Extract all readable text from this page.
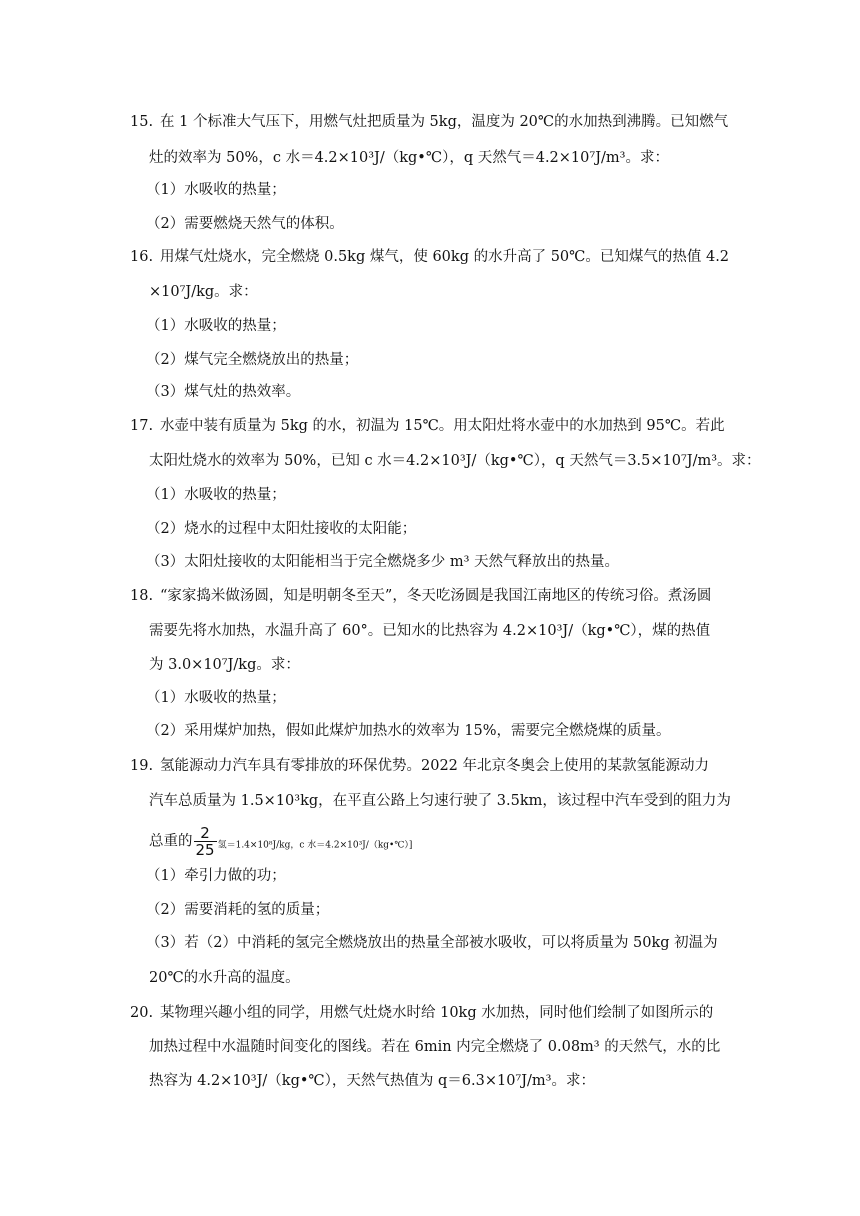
15. 在 1 个标准大气压下，用燃气灶把质量为 5kg，温度为 20℃的水加热到沸腾。已知燃气
灶的效率为 50%，c 水＝4.2×10³J/（kg•℃），q 天然气＝4.2×10⁷J/m³。求：
（1）水吸收的热量；
（2）需要燃烧天然气的体积。
16. 用煤气灶烧水，完全燃烧 0.5kg 煤气，使 60kg 的水升高了 50℃。已知煤气的热值 4.2
×10⁷J/kg。求：
（1）水吸收的热量；
（2）煤气完全燃烧放出的热量；
（3）煤气灶的热效率。
17. 水壶中装有质量为 5kg 的水，初温为 15℃。用太阳灶将水壶中的水加热到 95℃。若此
太阳灶烧水的效率为 50%，已知 c 水＝4.2×10³J/（kg•℃），q 天然气＝3.5×10⁷J/m³。求：
（1）水吸收的热量；
（2）烧水的过程中太阳灶接收的太阳能；
（3）太阳灶接收的太阳能相当于完全燃烧多少 m³ 天然气释放出的热量。
18. “家家捣米做汤圆，知是明朝冬至天”，冬天吃汤圆是我国江南地区的传统习俗。煮汤圆
需要先将水加热，水温升高了 60°。已知水的比热容为 4.2×10³J/（kg•℃），煤的热值
为 3.0×10⁷J/kg。求：
（1）水吸收的热量；
（2）采用煤炉加热，假如此煤炉加热水的效率为 15%，需要完全燃烧煤的质量。
19. 氢能源动力汽车具有零排放的环保优势。2022 年北京冬奥会上使用的某款氢能源动力
汽车总质量为 1.5×10³kg，在平直公路上匀速行驶了 3.5km，该过程中汽车受到的阻力为
总重的 $\frac{2}{25}$ 氢＝1.4×10⁸J/kg，c 水＝4.2×10³J/（kg•℃）]
（1）牵引力做的功；
（2）需要消耗的氢的质量；
（3）若（2）中消耗的氢完全燃烧放出的热量全部被水吸收，可以将质量为 50kg 初温为
20℃的水升高的温度。
20. 某物理兴趣小组的同学，用燃气灶烧水时给 10kg 水加热，同时他们绘制了如图所示的
加热过程中水温随时间变化的图线。若在 6min 内完全燃烧了 0.08m³ 的天然气，水的比
热容为 4.2×10³J/（kg•℃），天然气热值为 q＝6.3×10⁷J/m³。求：
